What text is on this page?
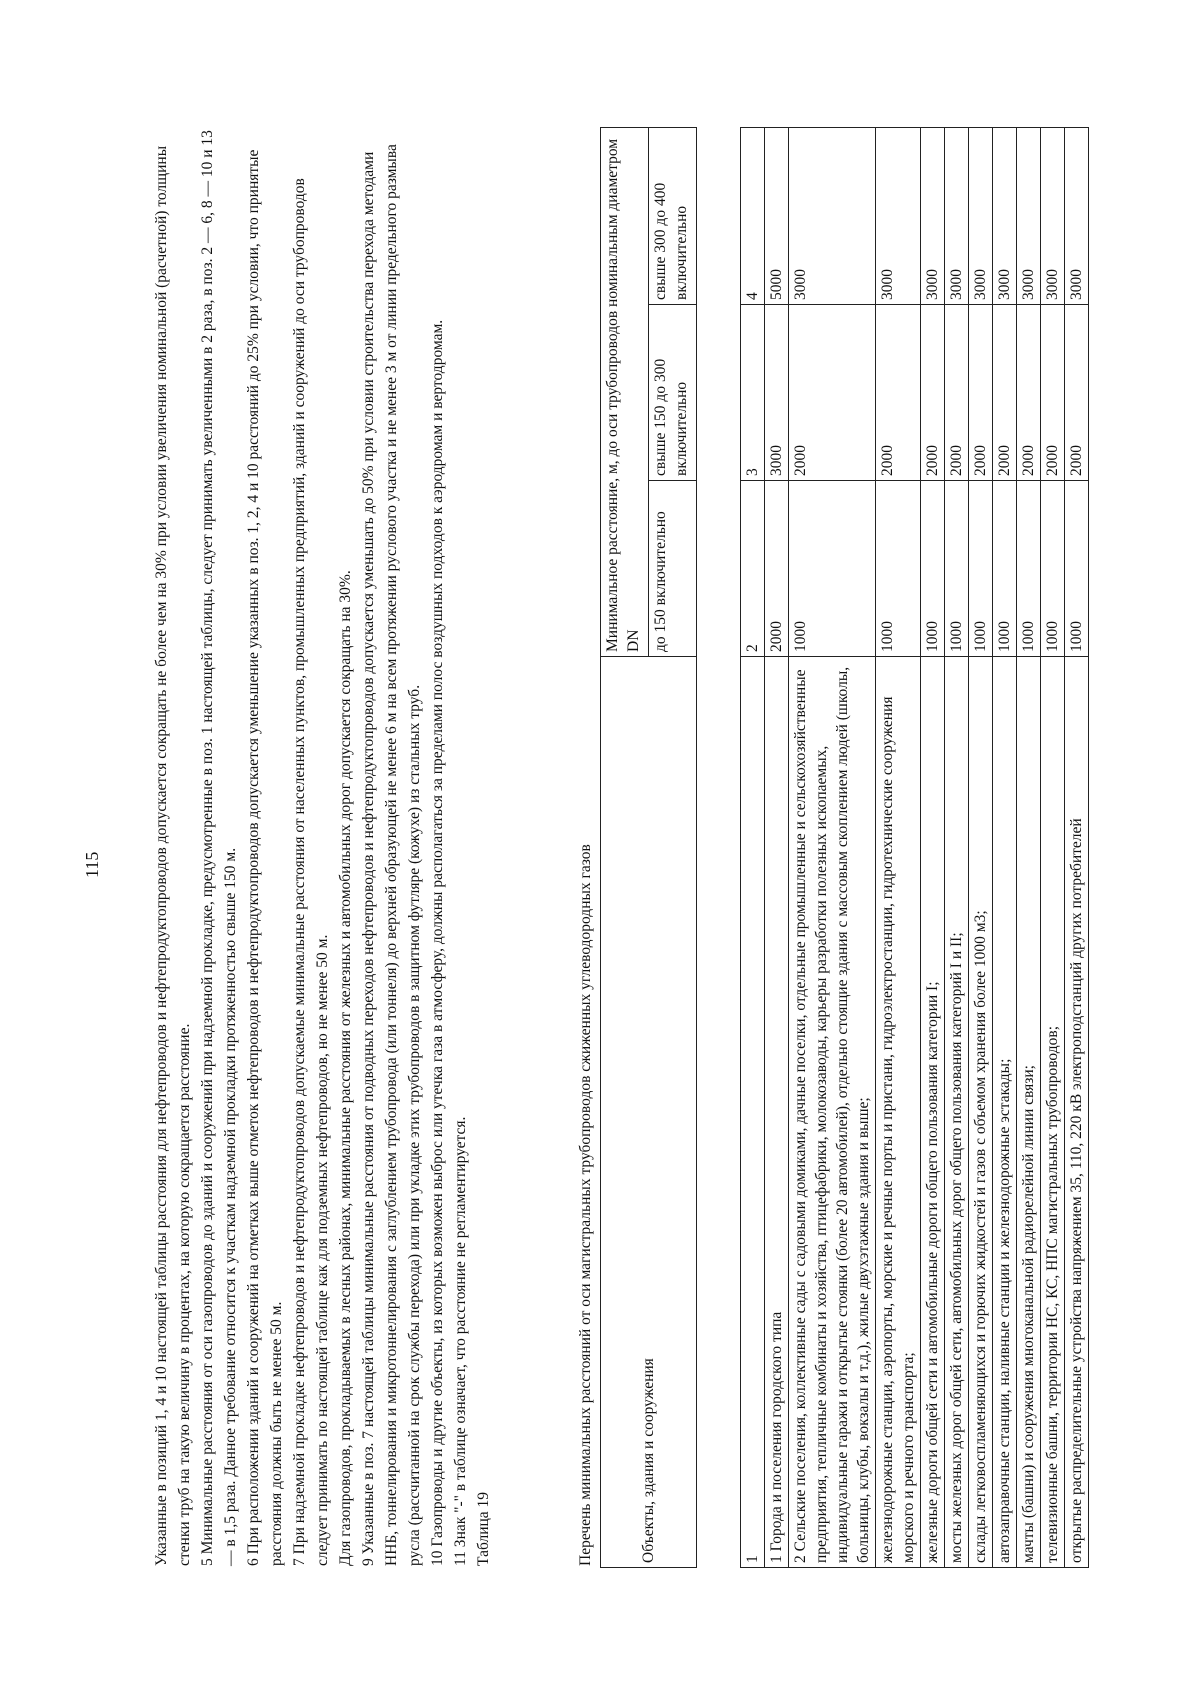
115	Указанные в позиций 1, 4 и 10 настоящей таблицы расстояния для нефтепроводов и нефтепродуктопроводов допускается сокращать не более чем на 30% при условии увеличения номинальной (расчетной) толщины стенки труб на такую величину в процентах, на которую сокращается расстояние. 5 Минимальные расстояния от оси газопроводов до зданий и сооружений при надземной прокладке, предусмотренные в поз. 1 настоящей таблицы, следует принимать увеличенными в 2 раза, в поз. 2 — 6, 8 — 10 и 13 — в 1,5 раза. Данное требование относится к участкам надземной прокладки протяженностью свыше 150 м. 6 При расположении зданий и сооружений на отметках выше отметок нефтепроводов и нефтепродуктопроводов допускается уменьшение указанных в поз. 1, 2, 4 и 10 расстояний до 25% при условии, что принятые расстояния должны быть не менее 50 м. 7 При надземной прокладке нефтепроводов и нефтепродуктопроводов допускаемые минимальные расстояния от населенных пунктов, промышленных предприятий, зданий и сооружений до оси трубопроводов следует принимать по настоящей таблице как для подземных нефтепроводов, но не менее 50 м. Для газопроводов, прокладываемых в лесных районах, минимальные расстояния от железных и автомобильных дорог допускается сокращать на 30%. 9 Указанные в поз. 7 настоящей таблицы минимальные расстояния от подводных переходов нефтепроводов и нефтепродуктопроводов допускается уменьшать до 50% при условии строительства перехода методами ННБ, тоннелирования и микротоннелирования с заглублением трубопровода (или тоннеля) до верхней образующей не менее 6 м на всем протяжении руслового участка и не менее 3 м от линии предельного размыва русла (рассчитанной на срок службы перехода) или при укладке этих трубопроводов в защитном футляре (кожухе) из стальных труб. 10 Газопроводы и другие объекты, из которых возможен выброс или утечка газа в атмосферу, должны располагаться за пределами полос воздушных подходов к аэродромам и вертодромам. 11 Знак "-" в таблице означает, что расстояние не регламентируется. Таблица 19	Перечень минимальных расстояний от оси магистральных трубопроводов сжиженных углеводородных газов	Объекты, здания и сооружения	Минимальное расстояние, м, до оси трубопроводов номинальным диаметром DN		
	до 150 включительно	свыше 150 до 300 включительно	свыше 300 до 400 включительно
1	2	3	4
1 Города и поселения городского типа	2000	3000	5000
2 Сельские поселения, коллективные сады с садовыми домиками, дачные поселки, отдельные промышленные и сельскохозяйственные предприятия, тепличные комбинаты и хозяйства, птицефабрики, молокозаводы, карьеры разработки полезных ископаемых, индивидуальные гаражи и открытые стоянки (более 20 автомобилей), отдельно стоящие здания с массовым скоплением людей (школы, больницы, клубы, вокзалы и т.д.), жилые двухэтажные здания и выше;	1000	2000	3000
железнодорожные станции, аэропорты, морские и речные порты и пристани, гидроэлектростанции, гидротехнические сооружения морского и речного транспорта;	1000	2000	3000
железные дороги общей сети и автомобильные дороги общего пользования категории I;	1000	2000	3000
мосты железных дорог общей сети, автомобильных дорог общего пользования категорий I и II;	1000	2000	3000
склады легковоспламеняющихся и горючих жидкостей и газов с объемом хранения более 1000 м3;	1000	2000	3000
автозаправочные станции, наливные станции и железнодорожные эстакады;	1000	2000	3000
мачты (башни) и сооружения многоканальной радиорелейной линии связи;	1000	2000	3000
телевизионные башни, территории НС, КС, НПС магистральных трубопроводов;	1000	2000	3000
открытые распределительные устройства напряжением 35, 110, 220 кВ электроподстанций других потребителей	1000	2000	3000
